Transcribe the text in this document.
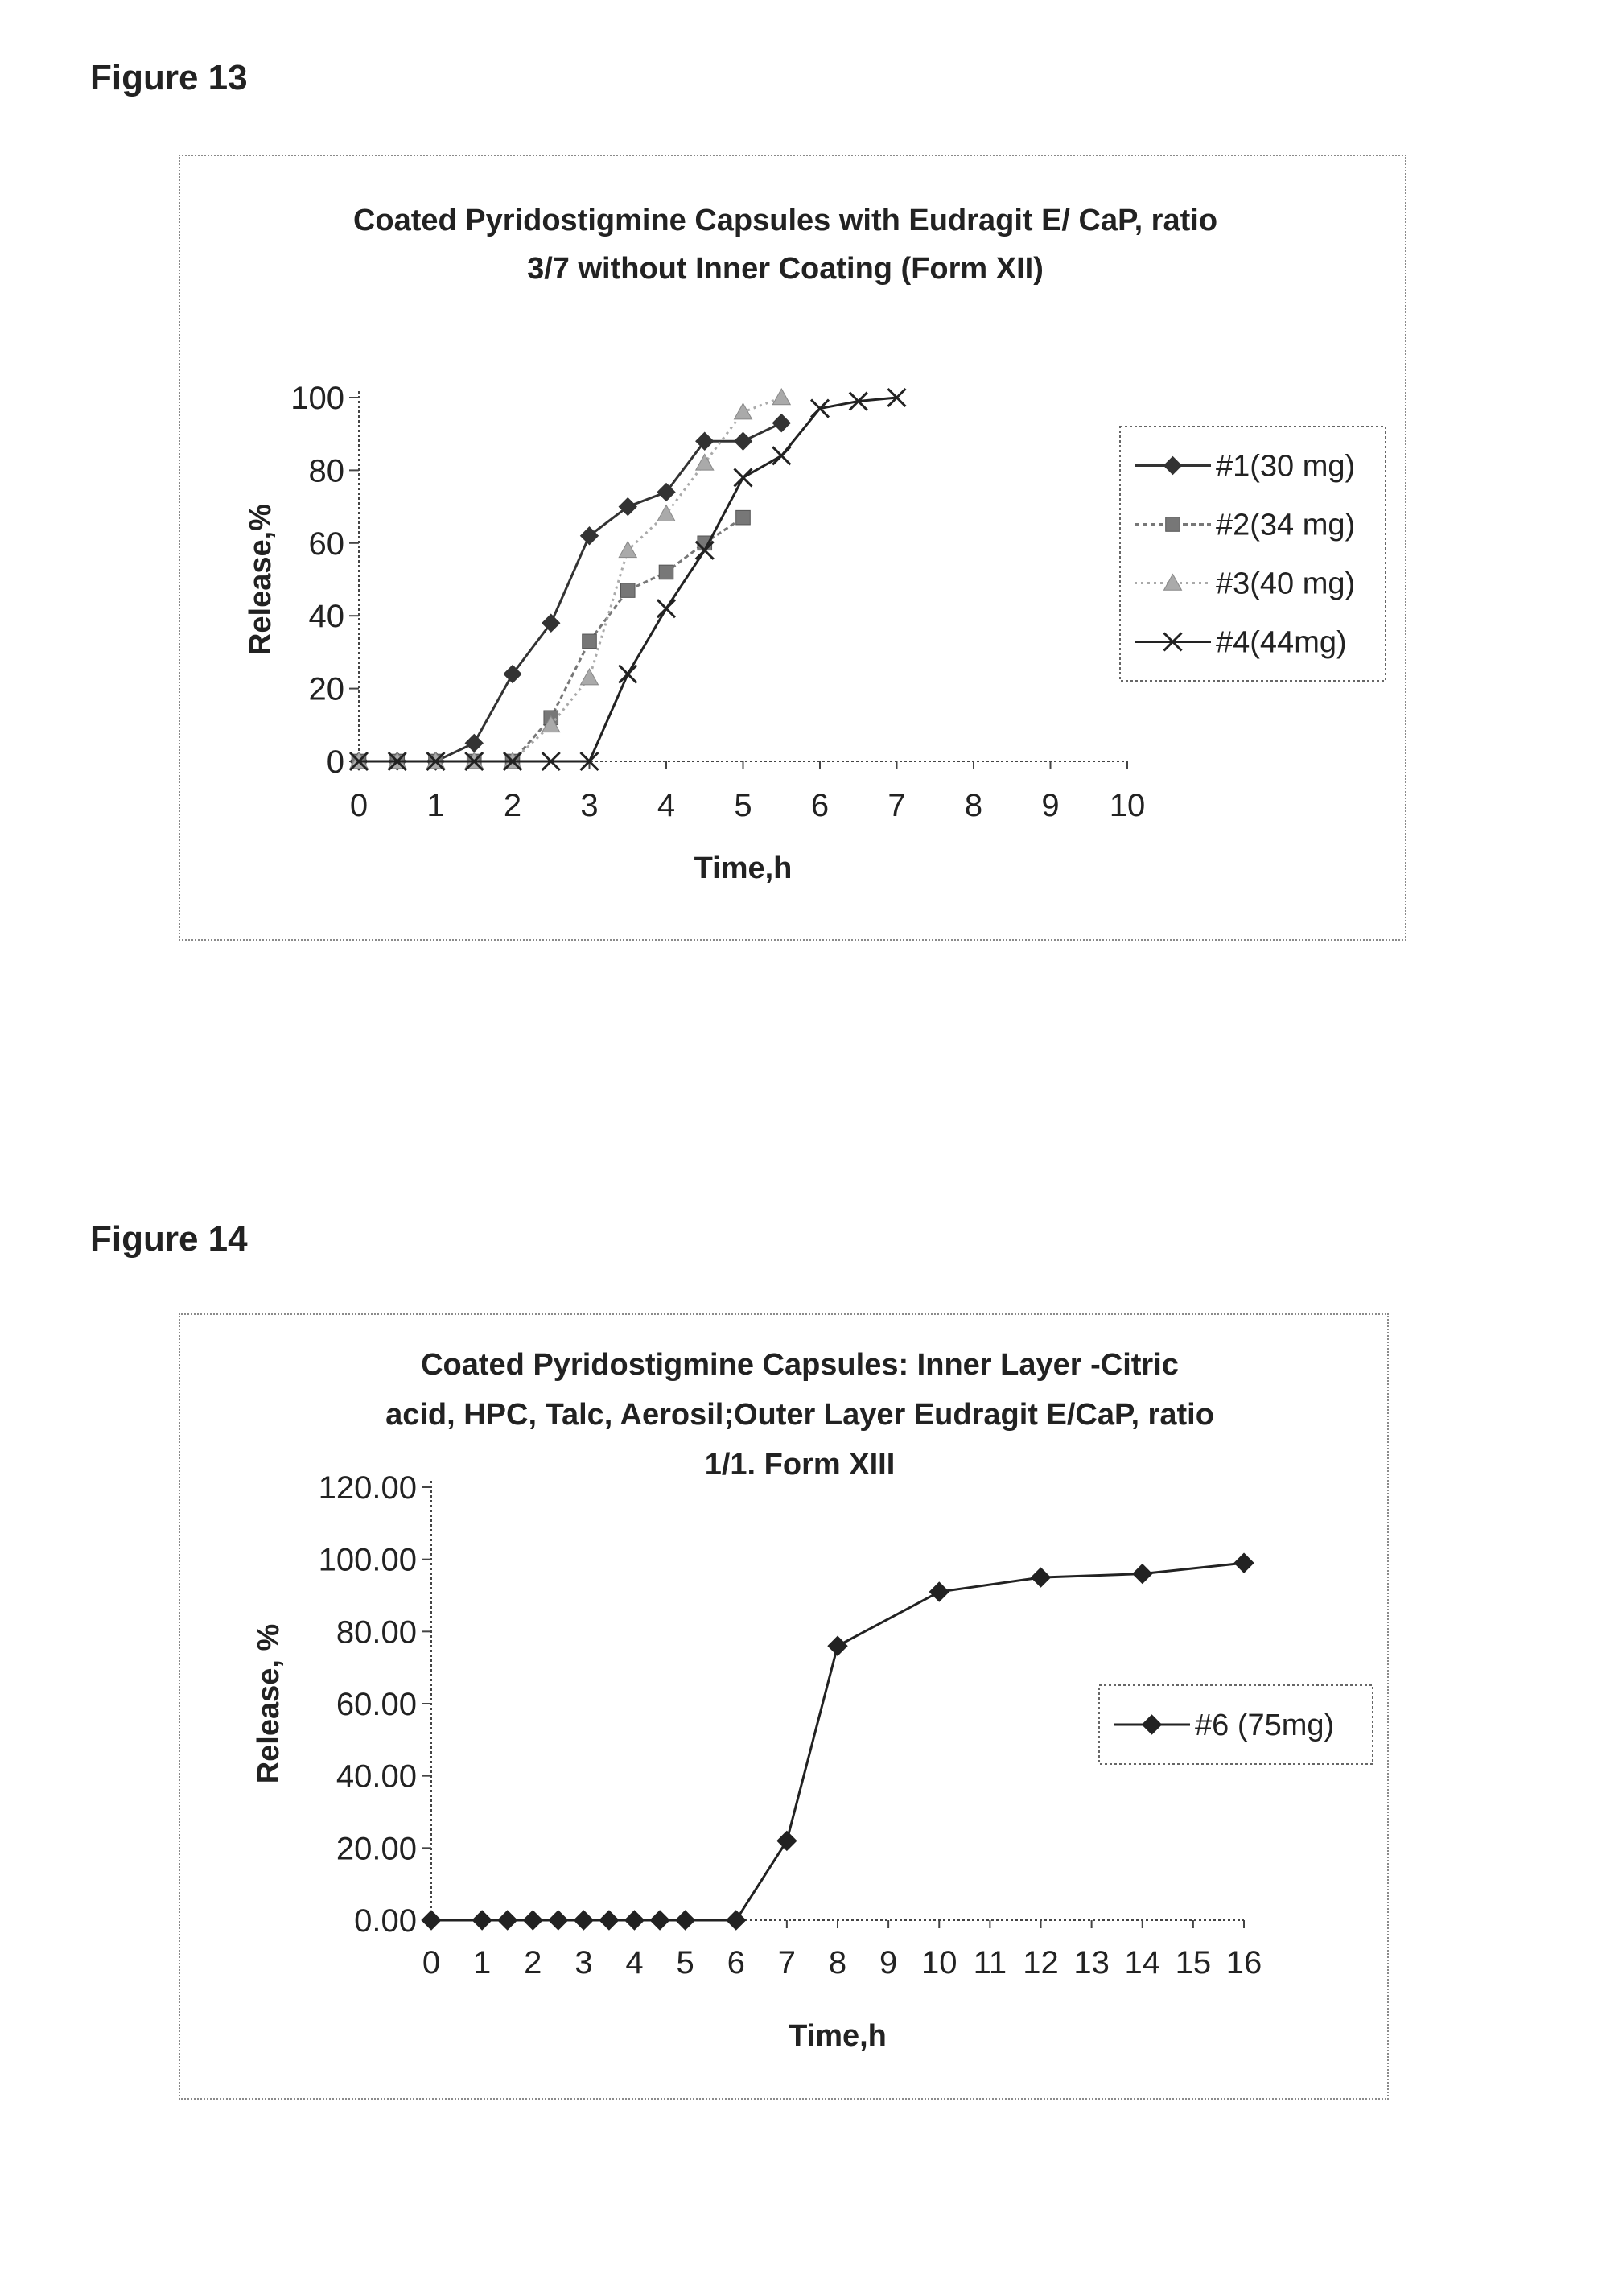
Figure 13
Coated Pyridostigmine Capsules with Eudragit E/ CaP, ratio
3/7 without Inner Coating (Form XII)
0
20
40
60
80
100
0 1 2 3 4 5 6 7 8 9 10
Time,h
Release,%
#1(30 mg)
#2(34 mg)
#3(40 mg)
#4(44mg)
Figure 14
Coated Pyridostigmine Capsules: Inner Layer -Citric
acid, HPC, Talc, Aerosil;Outer Layer Eudragit E/CaP, ratio
1/1. Form XIII
0.00
20.00
40.00
60.00
80.00
100.00
120.00
0 1 2 3 4 5 6 7 8 9 10 11 12 13 14 15 16
Time,h
Release, %	#6 (75mg)
